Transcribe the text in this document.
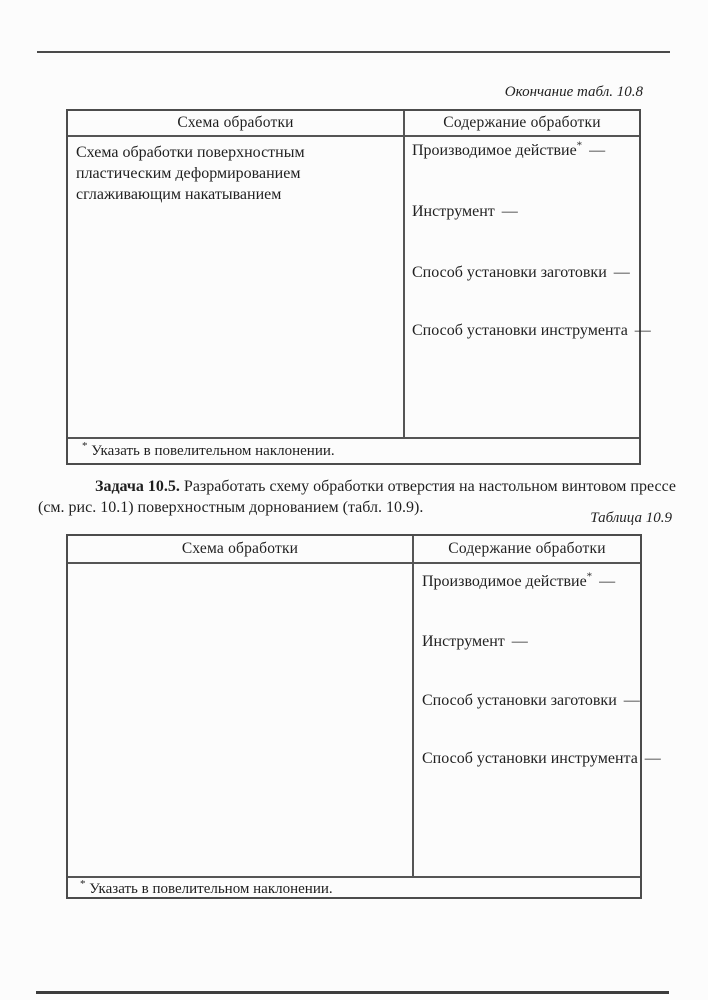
Окончание табл. 10.8
Схема обработки	Содержание обработки
Схема обработки поверхностным пластическим деформированием сглаживающим накатыванием
Производимое действие* —
Инструмент —
Способ установки заготовки —
Способ установки инструмента —
* Указать в повелительном наклонении.
Задача 10.5. Разработать схему обработки отверстия на настольном винтовом прессе
(см. рис. 10.1) поверхностным дорнованием (табл. 10.9).
Таблица 10.9
Схема обработки	Содержание обработки
Производимое действие* —
Инструмент —
Способ установки заготовки —
Способ установки инструмента —
* Указать в повелительном наклонении.
